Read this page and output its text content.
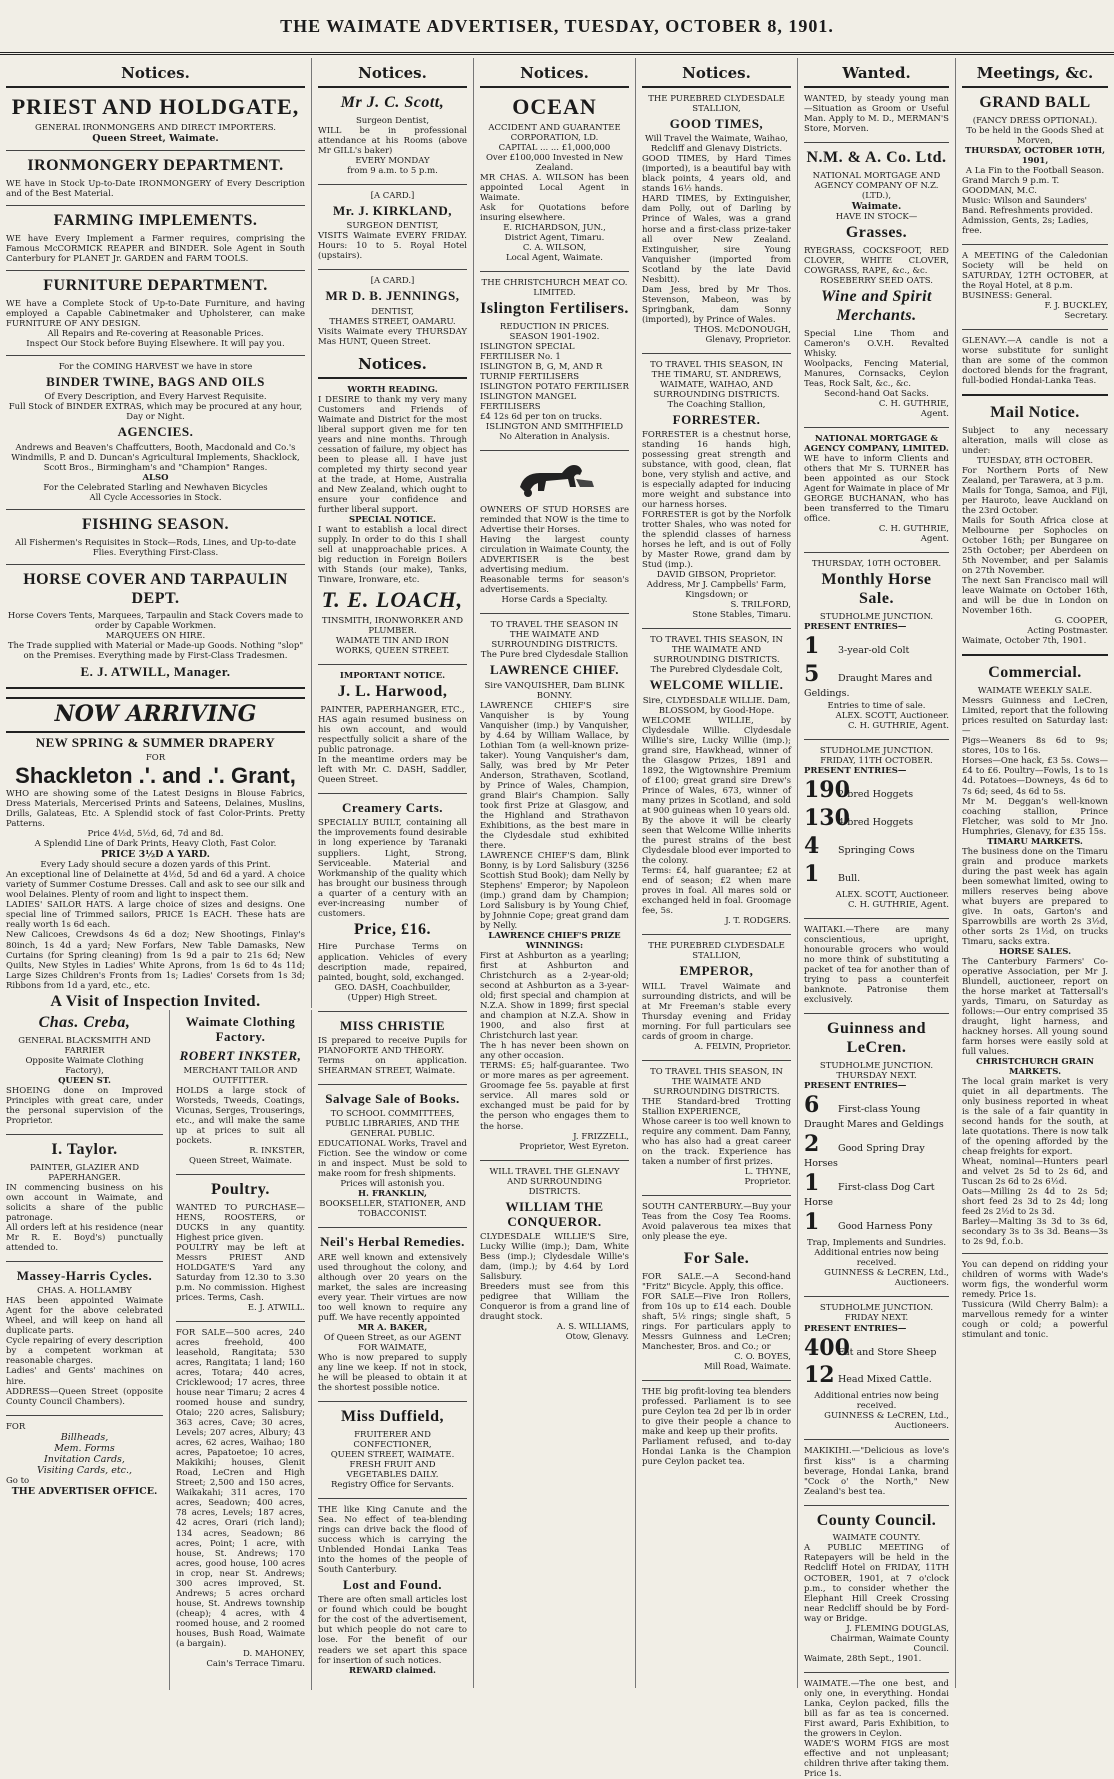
THE WAIMATE ADVERTISER, TUESDAY, OCTOBER 8, 1901.
Notices.
PRIEST AND HOLDGATE,
GENERAL IRONMONGERS AND DIRECT IMPORTERS.
Queen Street, Waimate.
IRONMONGERY DEPARTMENT.
WE have in Stock Up-to-Date IRONMONGERY of Every Description and of the Best Material.
FARMING IMPLEMENTS.
WE have Every Implement a Farmer requires, comprising the Famous McCORMICK REAPER and BINDER. Sole Agent in South Canterbury for PLANET Jr. GARDEN and FARM TOOLS.
FURNITURE DEPARTMENT.
WE have a Complete Stock of Up-to-Date Furniture, and having employed a Capable Cabinetmaker and Upholsterer, can make FURNITURE OF ANY DESIGN.
All Repairs and Re-covering at Reasonable Prices.
Inspect Our Stock before Buying Elsewhere. It will pay you.
For the COMING HARVEST we have in store
BINDER TWINE, BAGS AND OILS
Of Every Description, and Every Harvest Requisite.
Full Stock of BINDER EXTRAS, which may be procured at any hour, Day or Night.
AGENCIES.
Andrews and Beaven's Chaffcutters, Booth, Macdonald and Co.'s Windmills, P. and D. Duncan's Agricultural Implements, Shacklock, Scott Bros., Birmingham's and "Champion" Ranges.
ALSO
For the Celebrated Starling and Newhaven Bicycles
All Cycle Accessories in Stock.
FISHING SEASON.
All Fishermen's Requisites in Stock—Rods, Lines, and Up-to-date Flies. Everything First-Class.
HORSE COVER AND TARPAULIN DEPT.
Horse Covers Tents, Marquees, Tarpaulin and Stack Covers made to order by Capable Workmen.
MARQUEES ON HIRE.
The Trade supplied with Material or Made-up Goods. Nothing "slop" on the Premises. Everything made by First-Class Tradesmen.
E. J. ATWILL, Manager.
NOW ARRIVING
NEW SPRING & SUMMER DRAPERY
FOR
Shackleton .'. and .'. Grant,
WHO are showing some of the Latest Designs in Blouse Fabrics, Dress Materials, Mercerised Prints and Sateens, Delaines, Muslins, Drills, Galateas, Etc. A Splendid stock of fast Color-Prints. Pretty Patterns.
Price 4½d, 5½d, 6d, 7d and 8d.
A Splendid Line of Dark Prints, Heavy Cloth, Fast Color.
PRICE 3½D A YARD.
Every Lady should secure a dozen yards of this Print.
An exceptional line of Delainette at 4½d, 5d and 6d a yard. A choice variety of Summer Costume Dresses. Call and ask to see our silk and wool Delaines. Plenty of room and light to inspect them.
LADIES' SAILOR HATS. A large choice of sizes and designs. One special line of Trimmed sailors, PRICE 1s EACH. These hats are really worth 1s 6d each.
New Calicoes, Crewdsons 4s 6d a doz; New Shootings, Finlay's 80inch, 1s 4d a yard; New Forfars, New Table Damasks, New Curtains (for Spring cleaning) from 1s 9d a pair to 21s 6d; New Quilts, New Styles in Ladies' White Aprons, from 1s 6d to 4s 11d; Large Sizes Children's Fronts from 1s; Ladies' Corsets from 1s 3d; Ribbons from 1d a yard, etc., etc.
A Visit of Inspection Invited.
Chas. Creba,
GENERAL BLACKSMITH AND FARRIER
Opposite Waimate Clothing Factory),
QUEEN ST.
SHOEING done on Improved Principles with great care, under the personal supervision of the Proprietor.
I. Taylor.
PAINTER, GLAZIER AND PAPERHANGER.
IN commencing business on his own account in Waimate, and solicits a share of the public patronage.
All orders left at his residence (near Mr R. E. Boyd's) punctually attended to.
Massey-Harris Cycles.
CHAS. A. HOLLAMBY
HAS been appointed Waimate Agent for the above celebrated Wheel, and will keep on hand all duplicate parts.
Cycle repairing of every description by a competent workman at reasonable charges.
Ladies' and Gents' machines on hire.
ADDRESS—Queen Street (opposite County Council Chambers).
FOR
Billheads,
Mem. Forms
Invitation Cards,
Visiting Cards, etc.,
Go to
THE ADVERTISER OFFICE.
Waimate Clothing Factory.
ROBERT INKSTER,
MERCHANT TAILOR AND OUTFITTER.
HOLDS a large stock of Worsteds, Tweeds, Coatings, Vicunas, Serges, Trouserings, etc., and will make the same up at prices to suit all pockets.
R. INKSTER,
Queen Street, Waimate.
Poultry.
WANTED TO PURCHASE—HENS, ROOSTERS, or DUCKS in any quantity. Highest price given.
POULTRY may be left at Messrs PRIEST AND HOLDGATE'S Yard any Saturday from 12.30 to 3.30 p.m. No commission. Highest prices. Terms, Cash.
E. J. ATWILL.
FOR SALE—500 acres, 240 acres freehold, 400 leasehold, Rangitata; 530 acres, Rangitata; 1 land; 160 acres, Totara; 440 acres, Cricklewood; 17 acres, three house near Timaru; 2 acres 4 roomed house and sundry, Otaio; 220 acres, Salisbury; 363 acres, Cave; 30 acres, Levels; 207 acres, Albury; 43 acres, 62 acres, Waihao; 180 acres, Papatoetoe; 10 acres, Makikihi; houses, Glenit Road, LeCren and High Street; 2,500 and 150 acres, Waikakahi; 311 acres, 170 acres, Seadown; 400 acres, 78 acres, Levels; 187 acres, 42 acres, Orari (rich land); 134 acres, Seadown; 86 acres, Point; 1 acre, with house, St. Andrews; 170 acres, good house, 100 acres in crop, near St. Andrews; 300 acres improved, St. Andrews; 5 acres orchard house, St. Andrews township (cheap); 4 acres, with 4 roomed house, and 2 roomed houses, Bush Road, Waimate (a bargain).
D. MAHONEY,
Cain's Terrace Timaru.
Notices.
Mr J. C. Scott,
Surgeon Dentist,
WILL be in professional attendance at his Rooms (above Mr GILL's baker)
EVERY MONDAY
from 9 a.m. to 5 p.m.
[A CARD.]
Mr. J. KIRKLAND,
SURGEON DENTIST,
VISITS Waimate EVERY FRIDAY. Hours: 10 to 5. Royal Hotel (upstairs).
[A CARD.]
MR D. B. JENNINGS,
DENTIST,
THAMES STREET, OAMARU.
Visits Waimate every THURSDAY Mas HUNT, Queen Street.
Notices.
WORTH READING.
I DESIRE to thank my very many Customers and Friends of Waimate and District for the most liberal support given me for ten years and nine months. Through cessation of failure, my object has been to please all. I have just completed my thirty second year at the trade, at Home, Australia and New Zealand, which ought to ensure your confidence and further liberal support.
SPECIAL NOTICE.
I want to establish a local direct supply. In order to do this I shall sell at unapproachable prices. A big reduction in Foreign Boilers with Stands (our make), Tanks, Tinware, Ironware, etc.
T. E. LOACH,
TINSMITH, IRONWORKER AND PLUMBER.
WAIMATE TIN AND IRON WORKS, QUEEN STREET.
IMPORTANT NOTICE.
J. L. Harwood,
PAINTER, PAPERHANGER, ETC.,
HAS again resumed business on his own account, and would respectfully solicit a share of the public patronage.
In the meantime orders may be left with Mr. C. DASH, Saddler, Queen Street.
Creamery Carts.
SPECIALLY BUILT, containing all the improvements found desirable in long experience by Taranaki suppliers. Light, Strong, Serviceable. Material and Workmanship of the quality which has brought our business through a quarter of a century with an ever-increasing number of customers.
Price, £16.
Hire Purchase Terms on application. Vehicles of every description made, repaired, painted, bought, sold, exchanged.
GEO. DASH, Coachbuilder,
(Upper) High Street.
MISS CHRISTIE
IS prepared to receive Pupils for PIANOFORTE AND THEORY.
Terms on application. SHEARMAN STREET, Waimate.
Salvage Sale of Books.
TO SCHOOL COMMITTEES, PUBLIC LIBRARIES, AND THE GENERAL PUBLIC.
EDUCATIONAL Works, Travel and Fiction. See the window or come in and inspect. Must be sold to make room for fresh shipments.
Prices will astonish you.
H. FRANKLIN,
BOOKSELLER, STATIONER, AND TOBACCONIST.
Neil's Herbal Remedies.
ARE well known and extensively used throughout the colony, and although over 20 years on the market, the sales are increasing every year. Their virtues are now too well known to require any puff. We have recently appointed
MR A. BAKER,
Of Queen Street, as our AGENT FOR WAIMATE,
Who is now prepared to supply any line we keep. If not in stock, he will be pleased to obtain it at the shortest possible notice.
Miss Duffield,
FRUITERER AND CONFECTIONER,
QUEEN STREET, WAIMATE.
FRESH FRUIT AND VEGETABLES DAILY.
Registry Office for Servants.
THE like King Canute and the Sea. No effect of tea-blending rings can drive back the flood of success which is carrying the Unblended Hondai Lanka Teas into the homes of the people of South Canterbury.
Lost and Found.
There are often small articles lost or found which could be bought for the cost of the advertisement, but which people do not care to lose. For the benefit of our readers we set apart this space for insertion of such notices.
REWARD claimed.
Notices.
OCEAN
ACCIDENT AND GUARANTEE CORPORATION, LD.
CAPITAL ... ... £1,000,000
Over £100,000 Invested in New Zealand.
MR CHAS. A. WILSON has been appointed Local Agent in Waimate.
Ask for Quotations before insuring elsewhere.
E. RICHARDSON, JUN.,
District Agent, Timaru.
C. A. WILSON,
Local Agent, Waimate.
THE CHRISTCHURCH MEAT CO. LIMITED.
Islington Fertilisers.
REDUCTION IN PRICES.
SEASON 1901-1902.
ISLINGTON SPECIAL FERTILISER No. 1
ISLINGTON B, G, M, AND R TURNIP FERTILISERS
ISLINGTON POTATO FERTILISER
ISLINGTON MANGEL FERTILISERS
£4 12s 6d per ton on trucks.
ISLINGTON AND SMITHFIELD
No Alteration in Analysis.
OWNERS OF STUD HORSES are reminded that NOW is the time to Advertise their Horses.
Having the largest county circulation in Waimate County, the ADVERTISER is the best advertising medium.
Reasonable terms for season's advertisements.
Horse Cards a Specialty.
TO TRAVEL THE SEASON IN THE WAIMATE AND SURROUNDING DISTRICTS.
The Pure bred Clydesdale Stallion
LAWRENCE CHIEF.
Sire VANQUISHER, Dam BLINK BONNY.
LAWRENCE CHIEF'S sire Vanquisher is by Young Vanquisher (imp.) by Vanquisher, by 4.64 by William Wallace, by Lothian Tom (a well-known prize-taker). Young Vanquisher's dam, Sally, was bred by Mr Peter Anderson, Strathaven, Scotland, by Prince of Wales, Champion, grand Blair's Champion. Sally took first Prize at Glasgow, and the Highland and Strathavon Exhibitions, as the best mare in the Clydesdale stud exhibited there.
LAWRENCE CHIEF'S dam, Blink Bonny, is by Lord Salisbury (3256 Scottish Stud Book); dam Nelly by Stephens' Emperor; by Napoleon (imp.) grand dam by Champion; Lord Salisbury is by Young Chief, by Johnnie Cope; great grand dam by Nelly.
LAWRENCE CHIEF'S PRIZE WINNINGS:
First at Ashburton as a yearling; first at Ashburton and Christchurch as a 2-year-old; second at Ashburton as a 3-year-old; first special and champion at N.Z.A. Show in 1899; first special and champion at N.Z.A. Show in 1900, and also first at Christchurch last year.
The h has never been shown on any other occasion.
TERMS: £5; half-guarantee. Two or more mares as per agreement. Groomage fee 5s. payable at first service. All mares sold or exchanged must be paid for by the person who engages them to the horse.
J. FRIZZELL,
Proprietor, West Eyreton.
WILL TRAVEL THE GLENAVY AND SURROUNDING DISTRICTS.
WILLIAM THE CONQUEROR.
CLYDESDALE WILLIE'S Sire, Lucky Willie (imp.); Dam, White Bess (imp.); Clydesdale Willie's dam, (imp.); by 4.64 by Lord Salisbury.
Breeders must see from this pedigree that William the Conqueror is from a grand line of draught stock.
A. S. WILLIAMS,
Otow, Glenavy.
Notices.
THE PUREBRED CLYDESDALE STALLION,
GOOD TIMES,
Will Travel the Waimate, Waihao, Redcliff and Glenavy Districts.
GOOD TIMES, by Hard Times (imported), is a beautiful bay with black points, 4 years old, and stands 16½ hands.
HARD TIMES, by Extinguisher, dam Polly, out of Darling by Prince of Wales, was a grand horse and a first-class prize-taker all over New Zealand. Extinguisher, sire Young Vanquisher (imported from Scotland by the late David Nesbitt).
Dam Jess, bred by Mr Thos. Stevenson, Mabeon, was by Springbank, dam Sonny (imported), by Prince of Wales.
THOS. McDONOUGH,
Glenavy, Proprietor.
TO TRAVEL THIS SEASON, IN THE TIMARU, ST. ANDREWS, WAIMATE, WAIHAO, AND SURROUNDING DISTRICTS.
The Coaching Stallion,
FORRESTER.
FORRESTER is a chestnut horse, standing 16 hands high, possessing great strength and substance, with good, clean, flat bone, very stylish and active, and is especially adapted for inducing more weight and substance into our harness horses.
FORRESTER is got by the Norfolk trotter Shales, who was noted for the splendid classes of harness horses he left, and is out of Folly by Master Rowe, grand dam by Stud (imp.).
DAVID GIBSON, Proprietor.
Address, Mr J. Campbells' Farm, Kingsdown; or
S. TRILFORD,
Stone Stables, Timaru.
TO TRAVEL THIS SEASON, IN THE WAIMATE AND SURROUNDING DISTRICTS.
The Purebred Clydesdale Colt,
WELCOME WILLIE.
Sire, CLYDESDALE WILLIE. Dam, BLOSSOM, by Good-Hope.
WELCOME WILLIE, by Clydesdale Willie. Clydesdale Willie's sire, Lucky Willie (imp.); grand sire, Hawkhead, winner of the Glasgow Prizes, 1891 and 1892, the Wigtownshire Premium of £100; great grand sire Drew's Prince of Wales, 673, winner of many prizes in Scotland, and sold at 900 guineas when 10 years old.
By the above it will be clearly seen that Welcome Willie inherits the purest strains of the best Clydesdale blood ever imported to the colony.
Terms: £4, half guarantee; £2 at end of season; £2 when mare proves in foal. All mares sold or exchanged held in foal. Groomage fee, 5s.
J. T. RODGERS.
THE PUREBRED CLYDESDALE STALLION,
EMPEROR,
WILL Travel Waimate and surrounding districts, and will be at Mr Freeman's stable every Thursday evening and Friday morning. For full particulars see cards of groom in charge.
A. FELVIN, Proprietor.
TO TRAVEL THIS SEASON, IN THE WAIMATE AND SURROUNDING DISTRICTS.
THE Standard-bred Trotting Stallion EXPERIENCE,
Whose career is too well known to require any comment. Dam Fanny, who has also had a great career on the track. Experience has taken a number of first prizes.
L. THYNE,
Proprietor.
SOUTH CANTERBURY.—Buy your Teas from the Cosy Tea Rooms. Avoid palaverous tea mixes that only please the eye.
For Sale.
FOR SALE.—A Second-hand "Fritz" Bicycle. Apply, this office.
FOR SALE—Five Iron Rollers, from 10s up to £14 each. Double shaft, 5½ rings; single shaft, 5 rings. For particulars apply to Messrs Guinness and LeCren; Manchester, Bros. and Co.; or
C. O. BOYES,
Mill Road, Waimate.
THE big profit-loving tea blenders professed. Parliament is to see pure Ceylon tea 2d per lb in order to give their people a chance to make and keep up their profits.
Parliament refused, and to-day Hondai Lanka is the Champion pure Ceylon packet tea.
Wanted.
WANTED, by steady young man—Situation as Groom or Useful Man. Apply to M. D., MERMAN'S Store, Morven.
N.M. & A. Co. Ltd.
NATIONAL MORTGAGE AND AGENCY COMPANY OF N.Z. (LTD.),
Waimate.
HAVE IN STOCK—
Grasses.
RYEGRASS, COCKSFOOT, RED CLOVER, WHITE CLOVER, COWGRASS, RAPE, &c., &c.
ROSEBERRY SEED OATS.
Wine and Spirit Merchants.
Special Line Thom and Cameron's O.V.H. Revalted Whisky.
Woolpacks, Fencing Material, Manures, Cornsacks, Ceylon Teas, Rock Salt, &c., &c.
Second-hand Oat Sacks.
C. H. GUTHRIE,
Agent.
NATIONAL MORTGAGE & AGENCY COMPANY, LIMITED.
WE have to inform Clients and others that Mr S. TURNER has been appointed as our Stock Agent for Waimate in place of Mr GEORGE BUCHANAN, who has been transferred to the Timaru office.
C. H. GUTHRIE,
Agent.
THURSDAY, 10TH OCTOBER.
Monthly Horse Sale.
STUDHOLME JUNCTION.
PRESENT ENTRIES—
1 3-year-old Colt
5 Draught Mares and Geldings.
Entries to time of sale.
ALEX. SCOTT, Auctioneer.
C. H. GUTHRIE, Agent.
STUDHOLME JUNCTION.
FRIDAY, 11TH OCTOBER.
PRESENT ENTRIES—
1902-bred Hoggets
1304-bred Hoggets
4 Springing Cows
1 Bull.
ALEX. SCOTT, Auctioneer.
C. H. GUTHRIE, Agent.
WAITAKI.—There are many conscientious, upright, honourable grocers who would no more think of substituting a packet of tea for another than of trying to pass a counterfeit banknote. Patronise them exclusively.
Guinness and LeCren.
STUDHOLME JUNCTION.
THURSDAY NEXT.
PRESENT ENTRIES—
6 First-class Young Draught Mares and Geldings
2 Good Spring Dray Horses
1 First-class Dog Cart Horse
1 Good Harness Pony
Trap, Implements and Sundries.
Additional entries now being received.
GUINNESS & LeCREN, Ltd.,
Auctioneers.
STUDHOLME JUNCTION.
FRIDAY NEXT.
PRESENT ENTRIES—
400Fat and Store Sheep
12 Head Mixed Cattle.
Additional entries now being received.
GUINNESS & LeCREN, Ltd.,
Auctioneers.
MAKIKIHI.—"Delicious as love's first kiss" is a charming beverage, Hondai Lanka, brand "Cock o' the North," New Zealand's best tea.
County Council.
WAIMATE COUNTY.
A PUBLIC MEETING of Ratepayers will be held in the Redcliff Hotel on FRIDAY, 11TH OCTOBER, 1901, at 7 o'clock p.m., to consider whether the Elephant Hill Creek Crossing near Redcliff should be by Ford-way or Bridge.
J. FLEMING DOUGLAS,
Chairman, Waimate County Council.
Waimate, 28th Sept., 1901.
WAIMATE.—The one best, and only one, in everything. Hondai Lanka, Ceylon packed, fills the bill as far as tea is concerned. First award, Paris Exhibition, to the growers in Ceylon.
WADE'S WORM FIGS are most effective and not unpleasant; children thrive after taking them. Price 1s.
Meetings, &c.
GRAND BALL
(FANCY DRESS OPTIONAL).
To be held in the Goods Shed at Morven,
THURSDAY, OCTOBER 10TH, 1901,
A La Fin to the Football Season.
Grand March 9 p.m. T. GOODMAN, M.C.
Music: Wilson and Saunders' Band. Refreshments provided.
Admission, Gents, 2s; Ladies, free.
A MEETING of the Caledonian Society will be held on SATURDAY, 12TH OCTOBER, at the Royal Hotel, at 8 p.m.
BUSINESS: General.
F. J. BUCKLEY,
Secretary.
GLENAVY.—A candle is not a worse substitute for sunlight than are some of the common doctored blends for the fragrant, full-bodied Hondai-Lanka Teas.
Mail Notice.
Subject to any necessary alteration, mails will close as under:
TUESDAY, 8TH OCTOBER.
For Northern Ports of New Zealand, per Tarawera, at 3 p.m.
Mails for Tonga, Samoa, and Fiji, per Hauroto, leave Auckland on the 23rd October.
Mails for South Africa close at Melbourne per Sophocles on October 16th; per Bungaree on 25th October; per Aberdeen on 5th November, and per Salamis on 27th November.
The next San Francisco mail will leave Waimate on October 16th, and will be due in London on November 16th.
G. COOPER,
Acting Postmaster.
Waimate, October 7th, 1901.
Commercial.
WAIMATE WEEKLY SALE.
Messrs Guinness and LeCren, Limited, report that the following prices resulted on Saturday last:—
Pigs—Weaners 8s 6d to 9s; stores, 10s to 16s.
Horses—One hack, £3 5s. Cows—£4 to £6. Poultry—Fowls, 1s to 1s 4d. Potatoes—Downeys, 4s 6d to 7s 6d; seed, 4s 6d to 5s.
Mr M. Deggan's well-known coaching stallion, Prince Fletcher, was sold to Mr Jno. Humphries, Glenavy, for £35 15s.
TIMARU MARKETS.
The business done on the Timaru grain and produce markets during the past week has again been somewhat limited, owing to millers reserves being above what buyers are prepared to give. In oats, Garton's and Sparrowbills are worth 2s 3½d, other sorts 2s 1½d, on trucks Timaru, sacks extra.
HORSE SALES.
The Canterbury Farmers' Co-operative Association, per Mr J. Blundell, auctioneer, report on the horse market at Tattersall's yards, Timaru, on Saturday as follows:—Our entry comprised 35 draught, light harness, and hackney horses. All young sound farm horses were easily sold at full values.
CHRISTCHURCH GRAIN MARKETS.
The local grain market is very quiet in all departments. The only business reported in wheat is the sale of a fair quantity in second hands for the south, at late quotations. There is now talk of the opening afforded by the cheap freights for export.
Wheat, nominal—Hunters pearl and velvet 2s 5d to 2s 6d, and Tuscan 2s 6d to 2s 6½d.
Oats—Milling 2s 4d to 2s 5d; short feed 2s 3d to 2s 4d; long feed 2s 2½d to 2s 3d.
Barley—Malting 3s 3d to 3s 6d, secondary 3s to 3s 3d. Beans—3s to 2s 9d, f.o.b.
You can depend on ridding your children of worms with Wade's worm figs, the wonderful worm remedy. Price 1s.
Tussicura (Wild Cherry Balm): a marvellous remedy for a winter cough or cold; a powerful stimulant and tonic.
